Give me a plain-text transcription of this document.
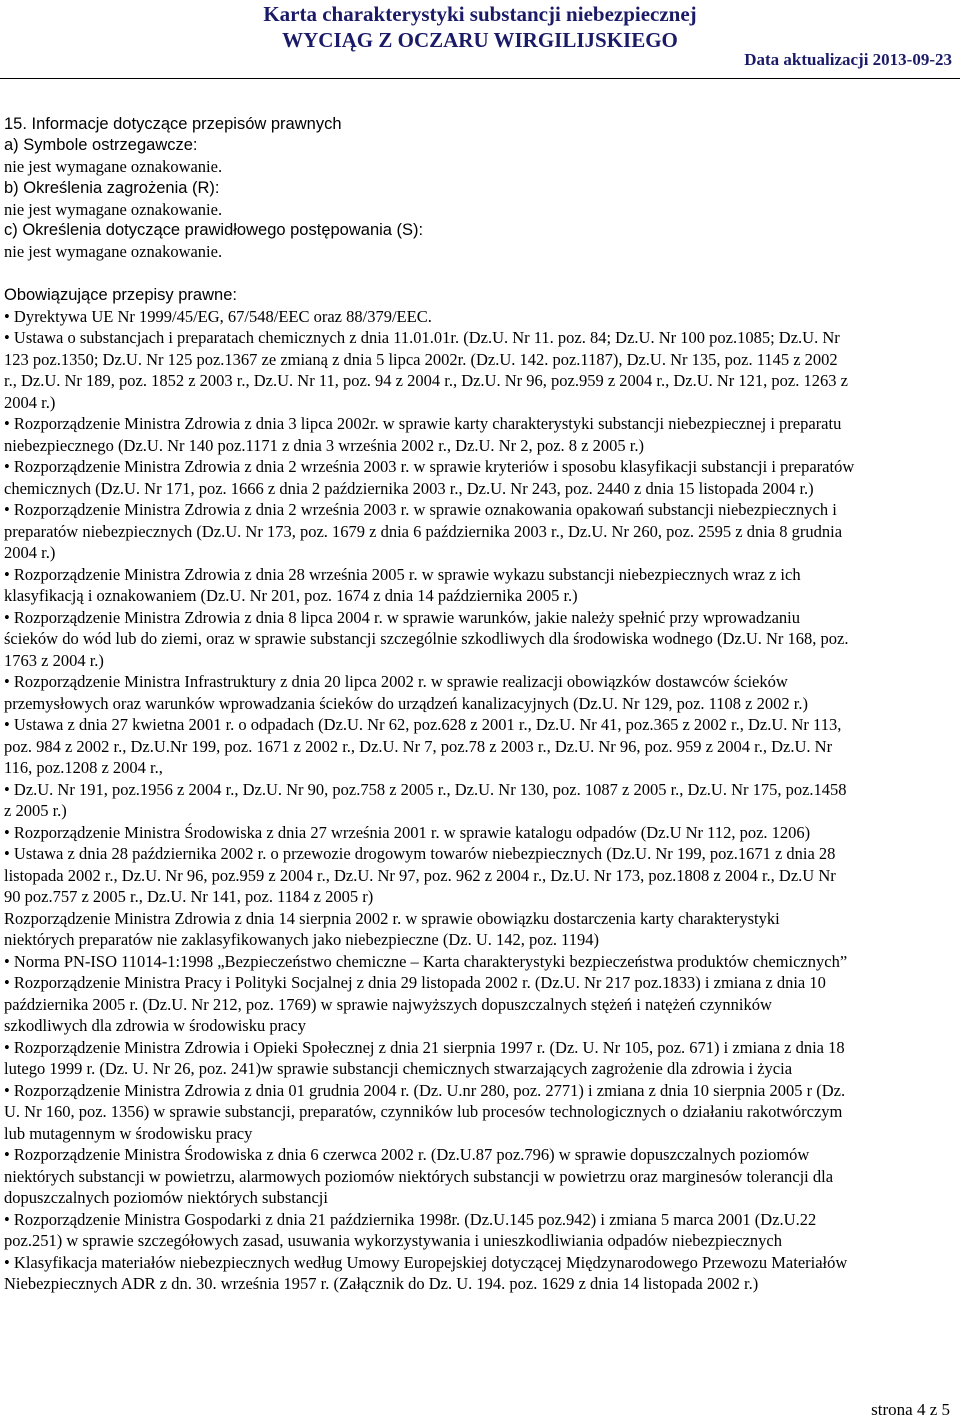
Karta charakterystyki substancji niebezpiecznej
WYCIĄG Z OCZARU WIRGILIJSKIEGO
Data aktualizacji 2013-09-23
15. Informacje dotyczące przepisów prawnych
a) Symbole ostrzegawcze:
nie jest wymagane oznakowanie.
b) Określenia zagrożenia (R):
nie jest wymagane oznakowanie.
c) Określenia dotyczące prawidłowego postępowania (S):
nie jest wymagane oznakowanie.
Obowiązujące przepisy prawne:
• Dyrektywa UE Nr 1999/45/EG, 67/548/EEC oraz 88/379/EEC.
• Ustawa o substancjach i preparatach chemicznych z dnia 11.01.01r. (Dz.U. Nr 11. poz. 84; Dz.U. Nr 100 poz.1085; Dz.U. Nr
123 poz.1350; Dz.U. Nr 125 poz.1367 ze zmianą z dnia 5 lipca 2002r. (Dz.U. 142. poz.1187), Dz.U. Nr 135, poz. 1145 z 2002
r., Dz.U. Nr 189, poz. 1852 z 2003 r., Dz.U. Nr 11, poz. 94 z 2004 r., Dz.U. Nr 96, poz.959 z 2004 r., Dz.U. Nr 121, poz. 1263 z
2004 r.)
• Rozporządzenie Ministra Zdrowia z dnia 3 lipca 2002r. w sprawie karty charakterystyki substancji niebezpiecznej i preparatu
niebezpiecznego (Dz.U. Nr 140 poz.1171 z dnia 3 września 2002 r., Dz.U. Nr 2, poz. 8 z 2005 r.)
• Rozporządzenie Ministra Zdrowia z dnia 2 września 2003 r. w sprawie kryteriów i sposobu klasyfikacji substancji i preparatów
chemicznych (Dz.U. Nr 171, poz. 1666 z dnia 2 października 2003 r., Dz.U. Nr 243, poz. 2440 z dnia 15 listopada 2004 r.)
• Rozporządzenie Ministra Zdrowia z dnia 2 września 2003 r. w sprawie oznakowania opakowań substancji niebezpiecznych i
preparatów niebezpiecznych (Dz.U. Nr 173, poz. 1679 z dnia 6 października 2003 r., Dz.U. Nr 260, poz. 2595 z dnia 8 grudnia
2004 r.)
• Rozporządzenie Ministra Zdrowia z dnia 28 września 2005 r. w sprawie wykazu substancji niebezpiecznych wraz z ich
klasyfikacją i oznakowaniem (Dz.U. Nr 201, poz. 1674 z dnia 14 października 2005 r.)
• Rozporządzenie Ministra Zdrowia z dnia 8 lipca 2004 r. w sprawie warunków, jakie należy spełnić przy wprowadzaniu
ścieków do wód lub do ziemi, oraz w sprawie substancji szczególnie szkodliwych dla środowiska wodnego (Dz.U. Nr 168, poz.
1763 z 2004 r.)
• Rozporządzenie Ministra Infrastruktury z dnia 20 lipca 2002 r. w sprawie realizacji obowiązków dostawców ścieków
przemysłowych oraz warunków wprowadzania ścieków do urządzeń kanalizacyjnych (Dz.U. Nr 129, poz. 1108 z 2002 r.)
• Ustawa z dnia 27 kwietna 2001 r. o odpadach (Dz.U. Nr 62, poz.628 z 2001 r., Dz.U. Nr 41, poz.365 z 2002 r., Dz.U. Nr 113,
poz. 984 z 2002 r., Dz.U.Nr 199, poz. 1671 z 2002 r., Dz.U. Nr 7, poz.78 z 2003 r., Dz.U. Nr 96, poz. 959 z 2004 r., Dz.U. Nr
116, poz.1208 z 2004 r.,
• Dz.U. Nr 191, poz.1956 z 2004 r., Dz.U. Nr 90, poz.758 z 2005 r., Dz.U. Nr 130, poz. 1087 z 2005 r., Dz.U. Nr 175, poz.1458
z 2005 r.)
• Rozporządzenie Ministra Środowiska z dnia 27 września 2001 r. w sprawie katalogu odpadów (Dz.U Nr 112, poz. 1206)
• Ustawa z dnia 28 października 2002 r. o przewozie drogowym towarów niebezpiecznych (Dz.U. Nr 199, poz.1671 z dnia 28
listopada 2002 r., Dz.U. Nr 96, poz.959 z 2004 r., Dz.U. Nr 97, poz. 962 z 2004 r., Dz.U. Nr 173, poz.1808 z 2004 r., Dz.U Nr
90 poz.757 z 2005 r., Dz.U. Nr 141, poz. 1184 z 2005 r)
Rozporządzenie Ministra Zdrowia z dnia 14 sierpnia 2002 r. w sprawie obowiązku dostarczenia karty charakterystyki
niektórych preparatów nie zaklasyfikowanych jako niebezpieczne (Dz. U. 142, poz. 1194)
• Norma PN-ISO 11014-1:1998 „Bezpieczeństwo chemiczne – Karta charakterystyki bezpieczeństwa produktów chemicznych”
• Rozporządzenie Ministra Pracy i Polityki Socjalnej z dnia 29 listopada 2002 r. (Dz.U. Nr 217 poz.1833) i zmiana z dnia 10
października 2005 r. (Dz.U. Nr 212, poz. 1769) w sprawie najwyższych dopuszczalnych stężeń i natężeń czynników
szkodliwych dla zdrowia w środowisku pracy
• Rozporządzenie Ministra Zdrowia i Opieki Społecznej z dnia 21 sierpnia 1997 r. (Dz. U. Nr 105, poz. 671) i zmiana z dnia 18
lutego 1999 r. (Dz. U. Nr 26, poz. 241)w sprawie substancji chemicznych stwarzających zagrożenie dla zdrowia i życia
• Rozporządzenie Ministra Zdrowia z dnia 01 grudnia 2004 r. (Dz. U.nr 280, poz. 2771) i zmiana z dnia 10 sierpnia 2005 r (Dz.
U. Nr 160, poz. 1356) w sprawie substancji, preparatów, czynników lub procesów technologicznych o działaniu rakotwórczym
lub mutagennym w środowisku pracy
• Rozporządzenie Ministra Środowiska z dnia 6 czerwca 2002 r. (Dz.U.87 poz.796) w sprawie dopuszczalnych poziomów
niektórych substancji w powietrzu, alarmowych poziomów niektórych substancji w powietrzu oraz marginesów tolerancji dla
dopuszczalnych poziomów niektórych substancji
• Rozporządzenie Ministra Gospodarki z dnia 21 października 1998r. (Dz.U.145 poz.942) i zmiana 5 marca 2001 (Dz.U.22
poz.251) w sprawie szczegółowych zasad, usuwania wykorzystywania i unieszkodliwiania odpadów niebezpiecznych
• Klasyfikacja materiałów niebezpiecznych według Umowy Europejskiej dotyczącej Międzynarodowego Przewozu Materiałów
Niebezpiecznych ADR z dn. 30. września 1957 r. (Załącznik do Dz. U. 194. poz. 1629 z dnia 14 listopada 2002 r.)
strona 4 z 5
